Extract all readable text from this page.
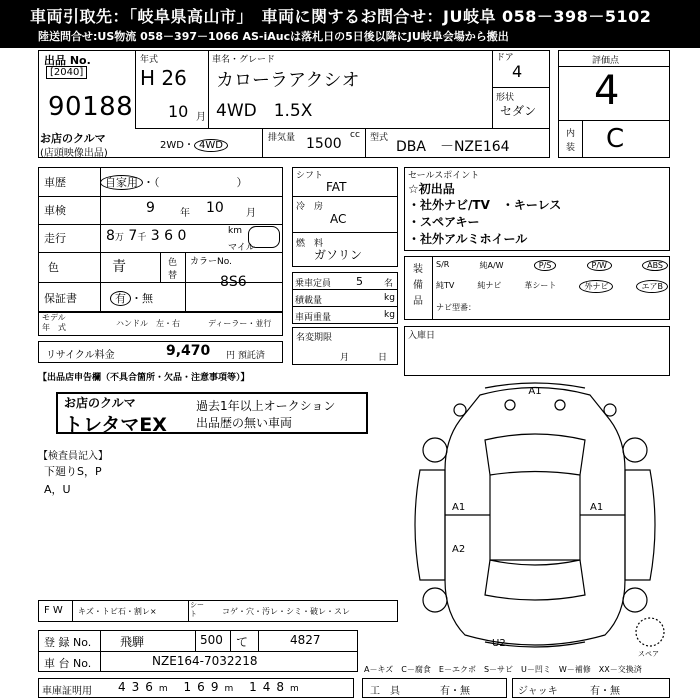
車両引取先：「岐阜県高山市」　車両に関するお問合せ：JU岐阜 058－398－5102
陸送問合せ:US物流 058－397－1066 AS-iAucは落札日の5日後以降にJU岐阜会場から搬出
出品 No.
[2040]
90188
お店のクルマ
(店頭映像出品)
年式
H 26
10 月
車名・グレード
カローラアクシオ
4WD　1.5X
ドア
4
形状
セダン
2WD・ 4WD
排気量 1500
cc 型式
DBA　－NZE164
評価点
4
内
装 C
車歴	自家用 ・（　　　　　　　）
車検	9	年 10 月
走行	8万 7千 3 6 0	km
マイル
色	青	色
替
カラーNo.
8S6
保証書	有 ・無
モデル
年　式	ハンドル　左・右	ディーラー・並行
リサイクル料金	9,470 円 預託済
シフト
FAT
冷　房
AC
燃　料
ガソリン
乗車定員 5 名
積載量	kg
車両重量	kg
名変期限
月	日
セールスポイント
☆初出品
・社外ナビ/TV　・キーレス
・スペアキー
・社外アルミホイール
装
備
品
S/R	純A/W	P/S	P/W	ABS
純TV	純ナビ	革シート	外ナビ	エアB
ナビ型番：
入庫日
【出品店申告欄（不具合箇所・欠品・注意事項等）】
お店のクルマ
トレタマEX
過去1年以上オークション
出品歴の無い車両
【検査員記入】
下廻りS，P
A，U
A1
A1
A2
A1
U2
スペア
F W キズ・トビ石・割レ×
シー
ト	コゲ・穴・汚レ・シミ・破レ・スレ
登 録 No. 飛騨	500 て	4827
車 台 No.	NZE164-7032218
A－キズ　C－腐食　E－エクボ　S－サビ　U－凹ミ　W－補修　XX－交換済
車庫証明用 436m 169m 148m	工　具	有・無	ジャッキ	有・無
